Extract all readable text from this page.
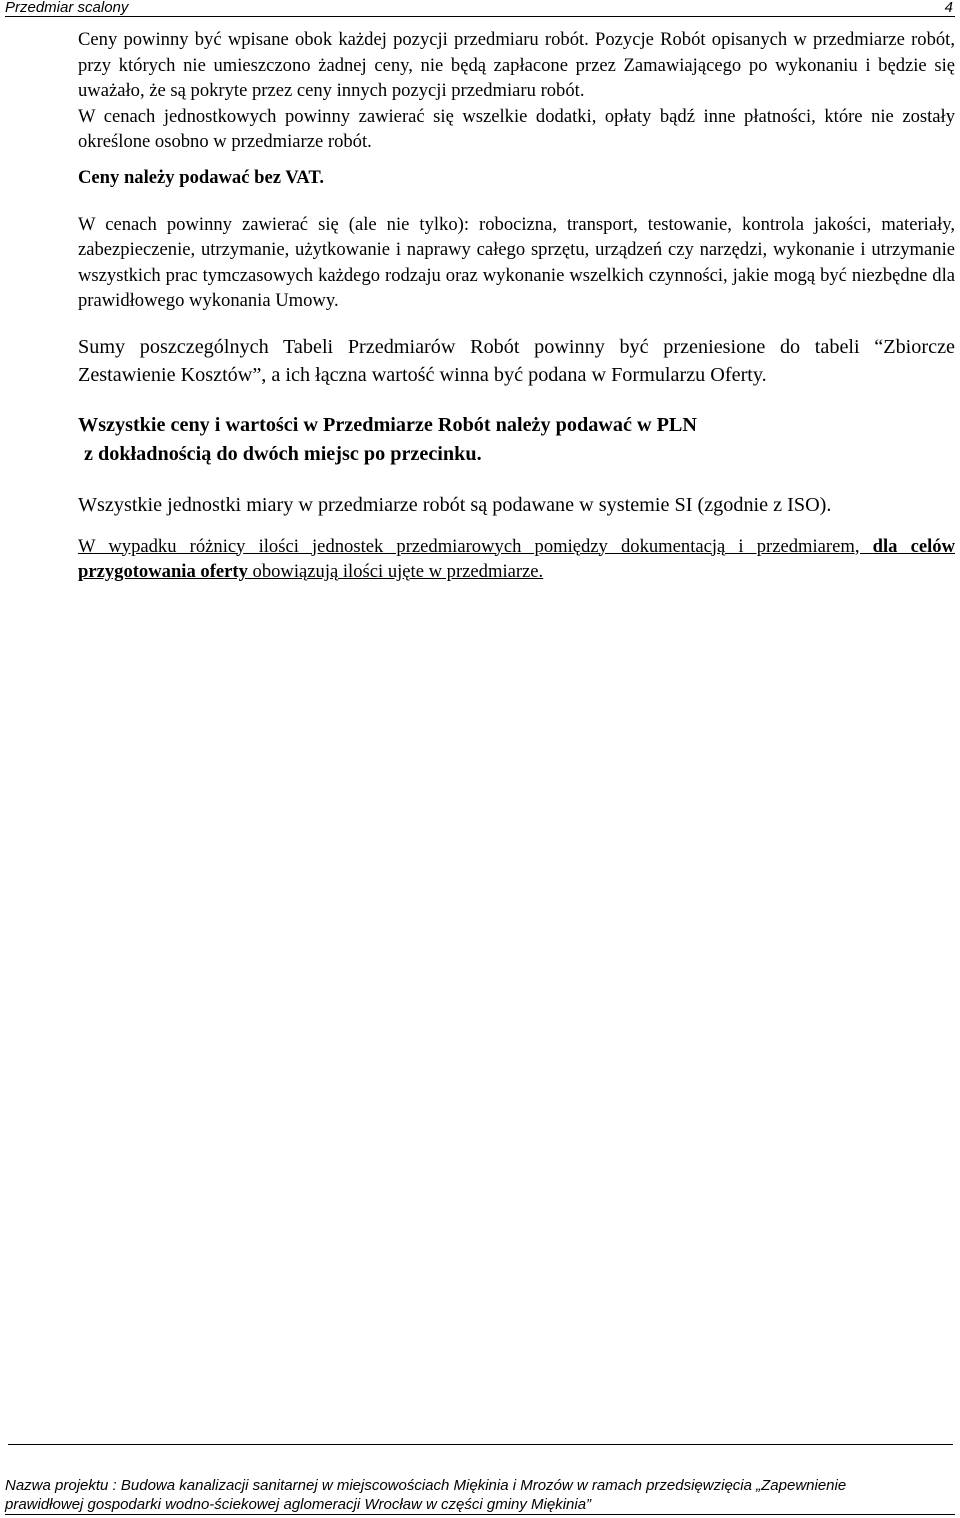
Przedmiar scalony	4

Ceny powinny być wpisane obok każdej pozycji przedmiaru robót. Pozycje Robót opisanych w przedmiarze robót, przy których nie umieszczono żadnej ceny, nie będą zapłacone przez Zamawiającego po wykonaniu i będzie się uważało, że są pokryte przez ceny innych pozycji przedmiaru robót.

W cenach jednostkowych powinny zawierać się wszelkie dodatki, opłaty bądź inne płatności, które nie zostały określone osobno w przedmiarze robót.

Ceny należy podawać bez VAT.

W cenach powinny zawierać się (ale nie tylko): robocizna, transport, testowanie, kontrola jakości, materiały, zabezpieczenie, utrzymanie, użytkowanie i naprawy całego sprzętu, urządzeń czy narzędzi, wykonanie i utrzymanie wszystkich prac tymczasowych każdego rodzaju oraz wykonanie wszelkich czynności, jakie mogą być niezbędne dla prawidłowego wykonania Umowy.

Sumy poszczególnych Tabeli Przedmiarów Robót powinny być przeniesione do tabeli “Zbiorcze Zestawienie Kosztów”, a ich łączna wartość winna być podana w Formularzu Oferty.

Wszystkie ceny i wartości w Przedmiarze Robót należy podawać w PLN
z dokładnością do dwóch miejsc po przecinku.

Wszystkie jednostki miary w przedmiarze robót są podawane w systemie SI (zgodnie z ISO).

W wypadku różnicy ilości jednostek przedmiarowych pomiędzy dokumentacją i przedmiarem, dla celów przygotowania oferty obowiązują ilości ujęte w przedmiarze.

Nazwa projektu : Budowa kanalizacji sanitarnej w miejscowościach Miękinia i Mrozów w ramach przedsięwzięcia „Zapewnienie
prawidłowej gospodarki wodno-ściekowej aglomeracji Wrocław w części gminy Miękinia”
